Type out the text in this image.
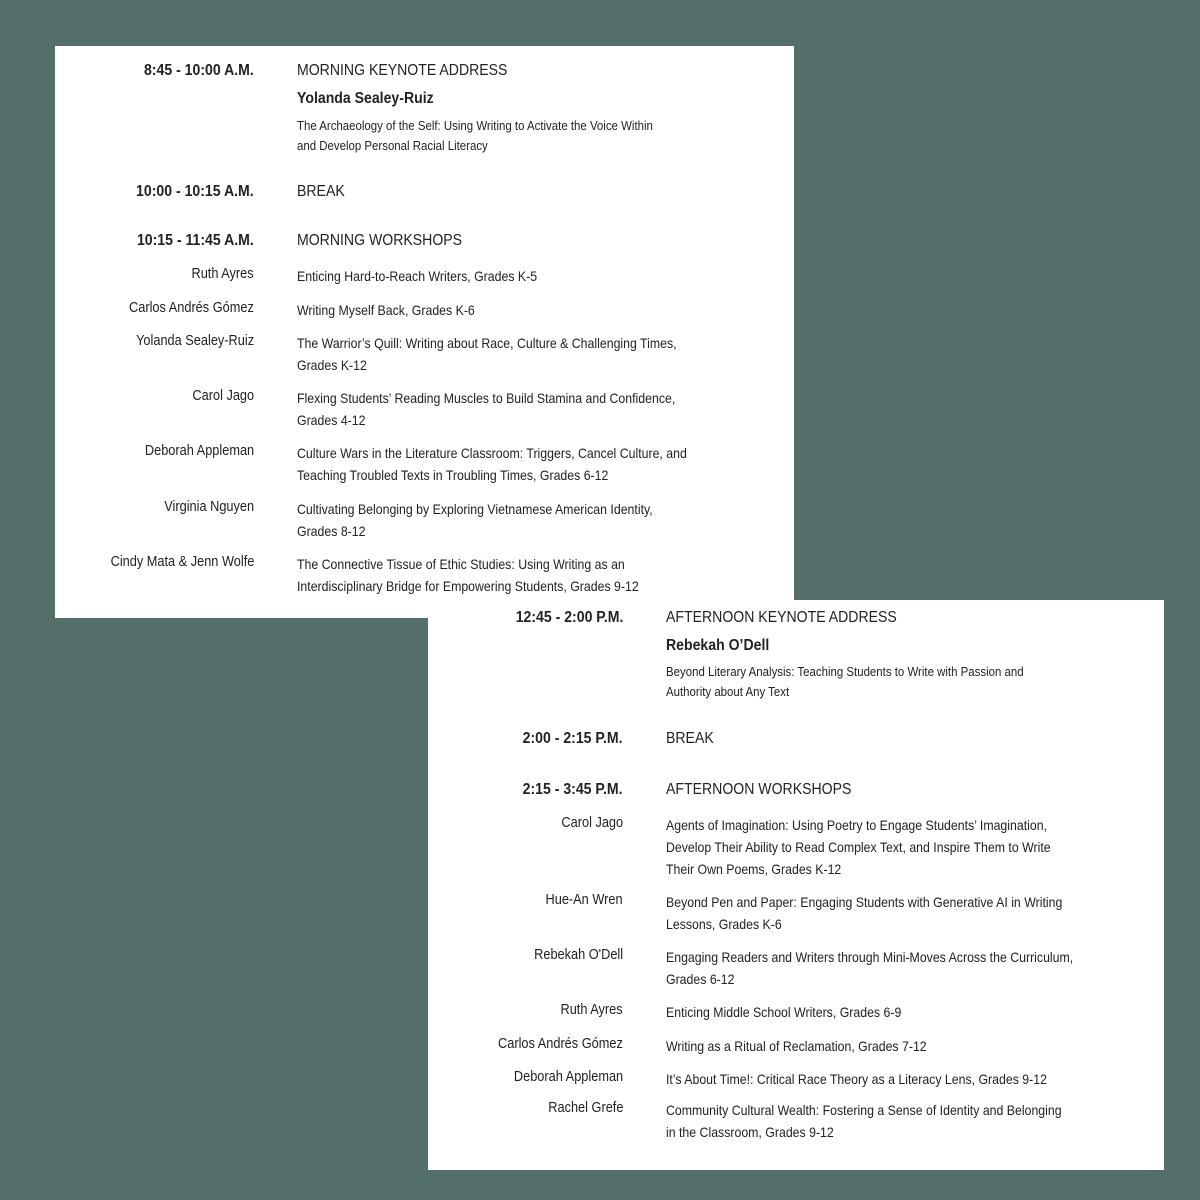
8:45 - 10:00 A.M.
10:00 - 10:15 A.M.
10:15 - 11:45 A.M.
Ruth Ayres
Carlos Andrés Gómez
Yolanda Sealey-Ruiz
Carol Jago
Deborah Appleman
Virginia Nguyen
Cindy Mata & Jenn Wolfe
MORNING KEYNOTE ADDRESS
Yolanda Sealey-Ruiz
The Archaeology of the Self: Using Writing to Activate the Voice Within
and Develop Personal Racial Literacy
BREAK
MORNING WORKSHOPS
Enticing Hard-to-Reach Writers, Grades K-5
Writing Myself Back, Grades K-6
The Warrior’s Quill: Writing about Race, Culture & Challenging Times,
Grades K-12
Flexing Students’ Reading Muscles to Build Stamina and Confidence,
Grades 4-12
Culture Wars in the Literature Classroom: Triggers, Cancel Culture, and
Teaching Troubled Texts in Troubling Times, Grades 6-12
Cultivating Belonging by Exploring Vietnamese American Identity,
Grades 8-12
The Connective Tissue of Ethic Studies: Using Writing as an
Interdisciplinary Bridge for Empowering Students, Grades 9-12
12:45 - 2:00 P.M.
2:00 - 2:15 P.M.
2:15 - 3:45 P.M.
Carol Jago
Hue-An Wren
Rebekah O'Dell
Ruth Ayres
Carlos Andrés Gómez
Deborah Appleman
Rachel Grefe
AFTERNOON KEYNOTE ADDRESS
Rebekah O’Dell
Beyond Literary Analysis: Teaching Students to Write with Passion and
Authority about Any Text
BREAK
AFTERNOON WORKSHOPS
Agents of Imagination: Using Poetry to Engage Students’ Imagination,
Develop Their Ability to Read Complex Text, and Inspire Them to Write
Their Own Poems, Grades K-12
Beyond Pen and Paper: Engaging Students with Generative AI in Writing
Lessons, Grades K-6
Engaging Readers and Writers through Mini-Moves Across the Curriculum,
Grades 6-12
Enticing Middle School Writers, Grades 6-9
Writing as a Ritual of Reclamation, Grades 7-12
It’s About Time!: Critical Race Theory as a Literacy Lens, Grades 9-12
Community Cultural Wealth: Fostering a Sense of Identity and Belonging
in the Classroom, Grades 9-12
